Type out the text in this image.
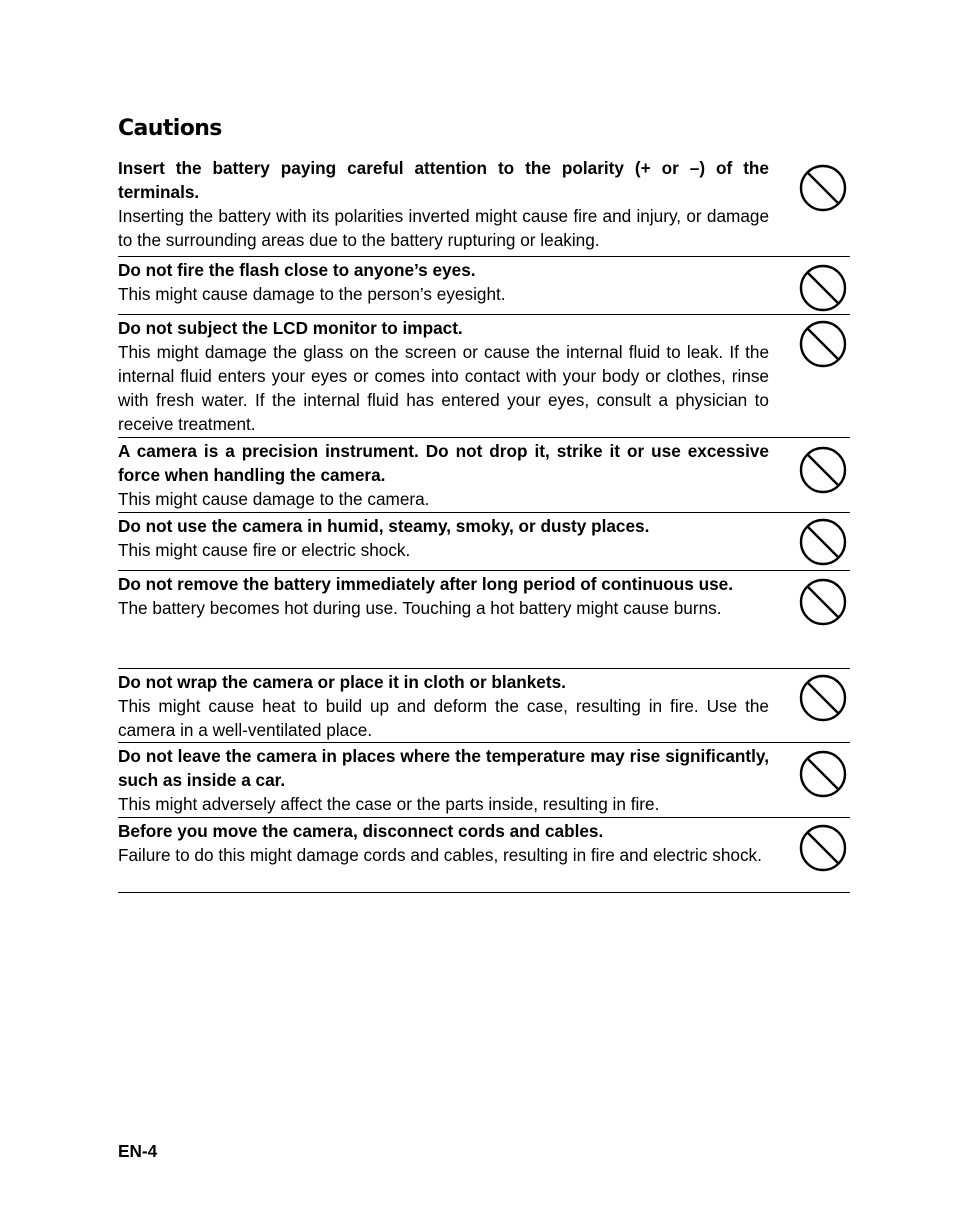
Cautions
Insert the battery paying careful attention to the polarity (+ or –) of the terminals.
Inserting the battery with its polarities inverted might cause fire and injury, or damage to the surrounding areas due to the battery rupturing or leaking.
Do not fire the flash close to anyone’s eyes.
This might cause damage to the person’s eyesight.
Do not subject the LCD monitor to impact.
This might damage the glass on the screen or cause the internal fluid to leak. If the internal fluid enters your eyes or comes into contact with your body or clothes, rinse with fresh water. If the internal fluid has entered your eyes, consult a physician to receive treatment.
A camera is a precision instrument. Do not drop it, strike it or use excessive force when handling the camera.
This might cause damage to the camera.
Do not use the camera in humid, steamy, smoky, or dusty places.
This might cause fire or electric shock.
Do not remove the battery immediately after long period of continuous use.
The battery becomes hot during use. Touching a hot battery might cause burns.
Do not wrap the camera or place it in cloth or blankets.
This might cause heat to build up and deform the case, resulting in fire. Use the camera in a well-ventilated place.
Do not leave the camera in places where the temperature may rise significantly, such as inside a car.
This might adversely affect the case or the parts inside, resulting in fire.
Before you move the camera, disconnect cords and cables.
Failure to do this might damage cords and cables, resulting in fire and electric shock.
EN-4
